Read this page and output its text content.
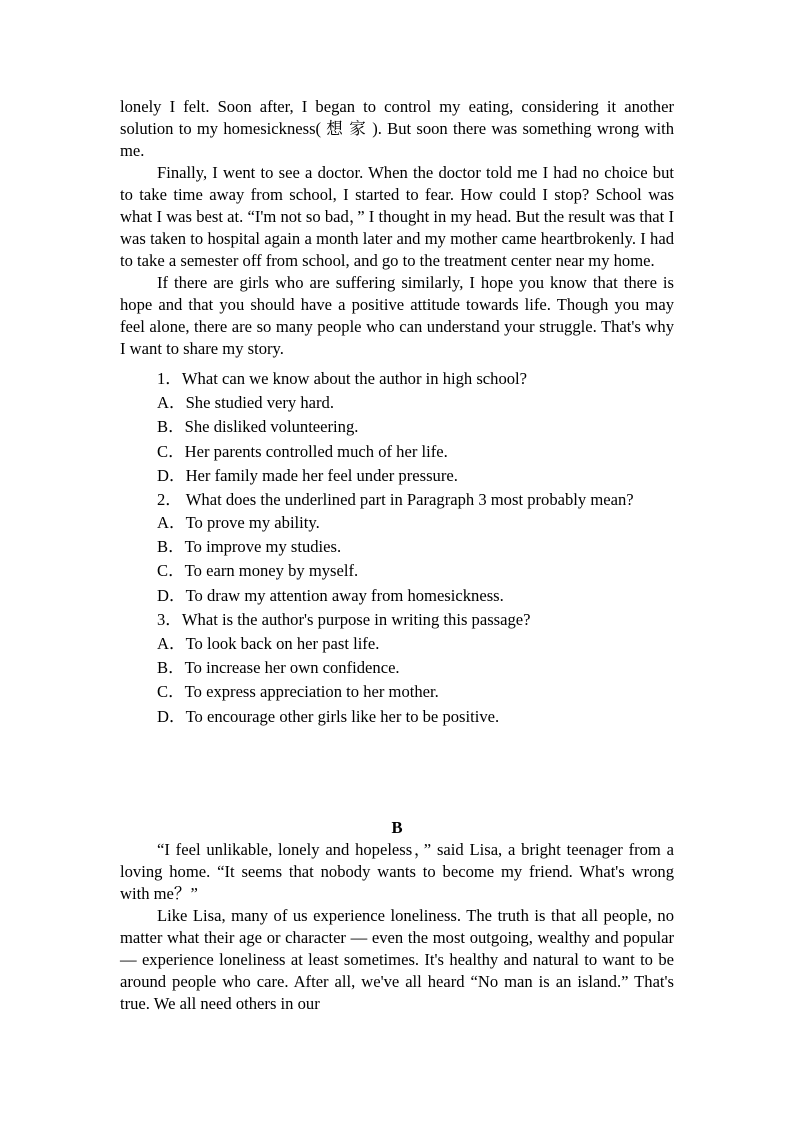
lonely I felt. Soon after, I began to control my eating, considering it another solution to my homesickness( 想 家 ). But soon there was something wrong with me.

Finally, I went to see a doctor. When the doctor told me I had no choice but to take time away from school, I started to fear. How could I stop? School was what I was best at. “I'm not so bad，” I thought in my head. But the result was that I was taken to hospital again a month later and my mother came heartbrokenly. I had to take a semester off from school, and go to the treatment center near my home.

If there are girls who are suffering similarly, I hope you know that there is hope and that you should have a positive attitude towards life. Though you may feel alone, there are so many people who can understand your struggle. That's why I want to share my story.

1．What can we know about the author in high school?

A．She studied very hard.

B．She disliked volunteering.

C．Her parents controlled much of her life.

D．Her family made her feel under pressure.

2． What does the underlined part in Paragraph 3 most probably mean?

A．To prove my ability.

B．To improve my studies.

C．To earn money by myself.

D．To draw my attention away from homesickness.

3．What is the author's purpose in writing this passage?

A．To look back on her past life.

B．To increase her own confidence.

C．To express appreciation to her mother.

D．To encourage other girls like her to be positive.

B

“I feel unlikable, lonely and hopeless，” said Lisa, a bright teenager from a loving home. “It seems that nobody wants to become my friend. What's wrong with me？”

Like Lisa, many of us experience loneliness. The truth is that all people, no matter what their age or character — even the most outgoing, wealthy and popular — experience loneliness at least sometimes. It's healthy and natural to want to be around people who care. After all, we've all heard “No man is an island.” That's true. We all need others in our
